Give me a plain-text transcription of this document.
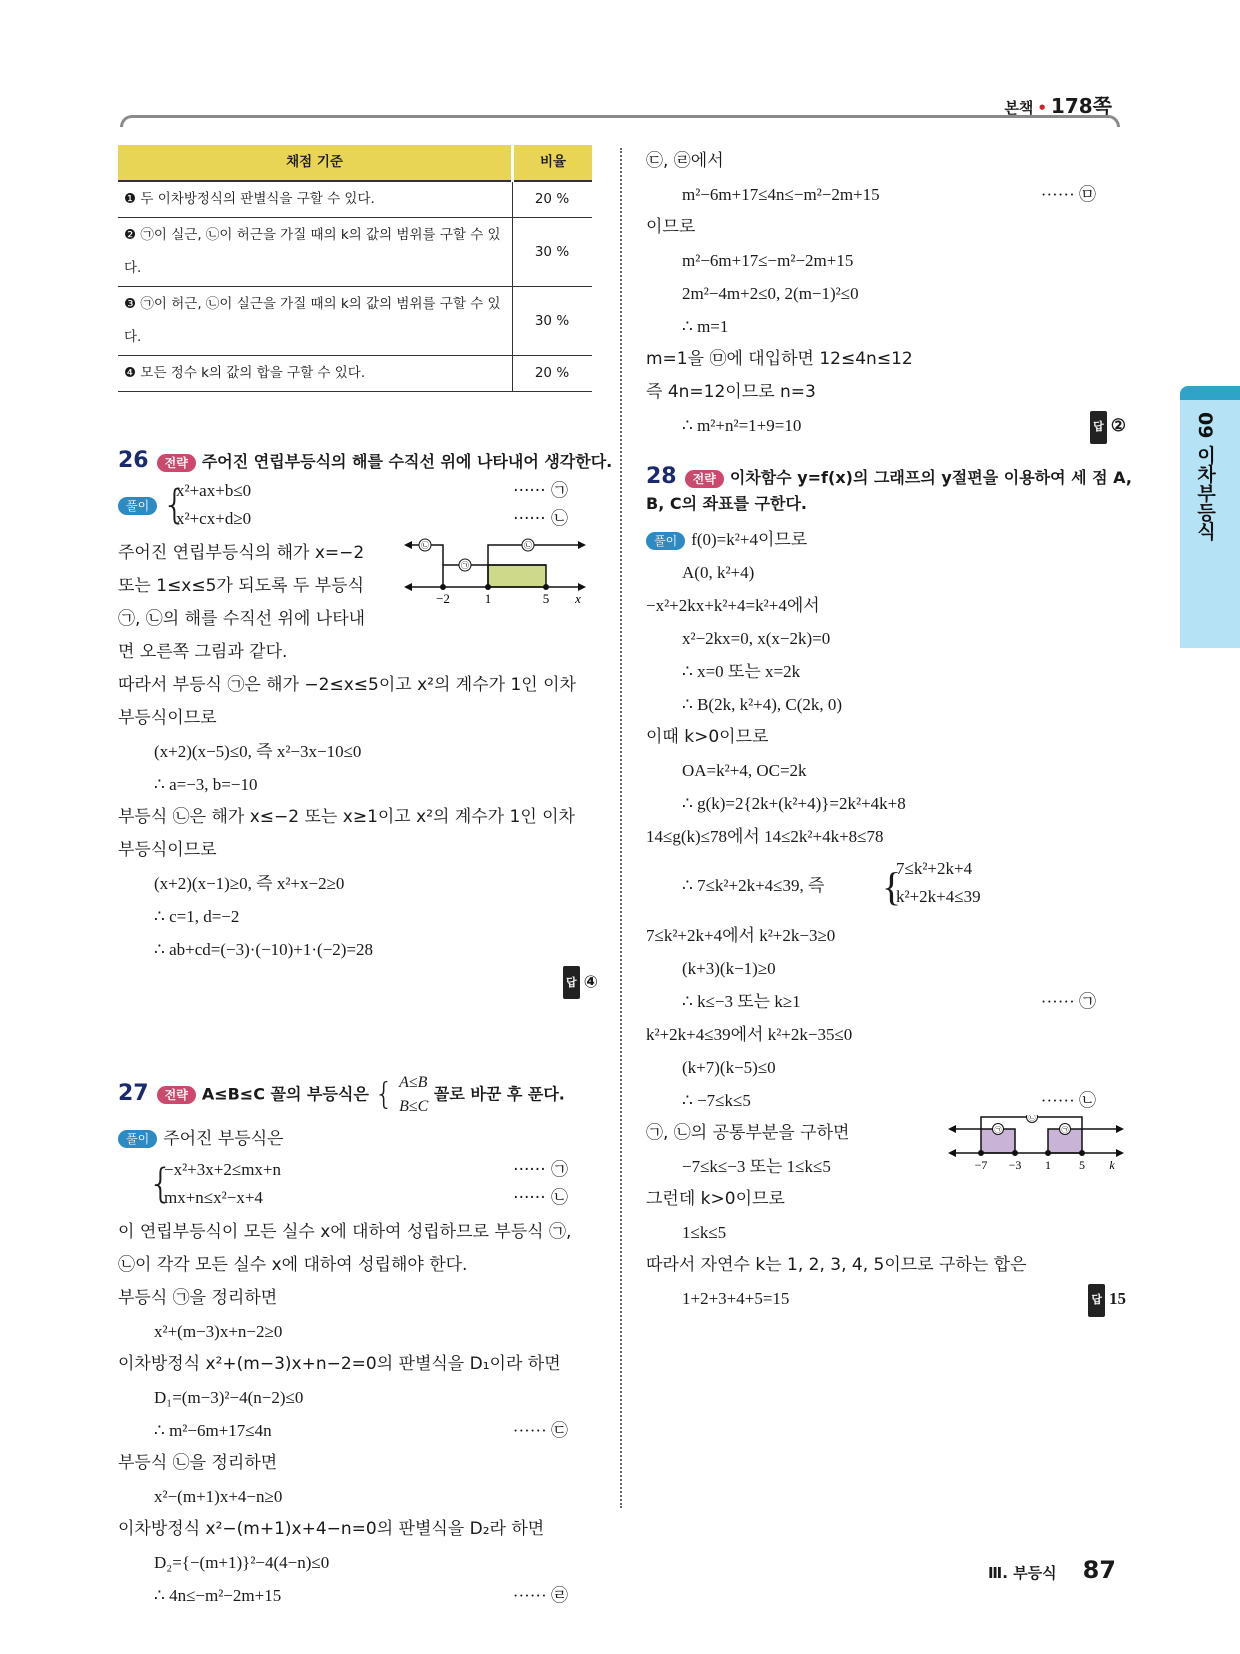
본책 • 178쪽
채점 기준	비율
❶ 두 이차방정식의 판별식을 구할 수 있다.	20 %
❷ ㉠이 실근, ㉡이 허근을 가질 때의 k의 값의 범위를 구할 수 있다.	30 %
❸ ㉠이 허근, ㉡이 실근을 가질 때의 k의 값의 범위를 구할 수 있다.	30 %
❹ 모든 정수 k의 값의 합을 구할 수 있다.	20 %
26 전략 주어진 연립부등식의 해를 수직선 위에 나타내어 생각한다.
풀이 {
x²+ax+b≤0
x²+cx+d≥0
······ ㉠
······ ㉡
주어진 연립부등식의 해가 x=−2
또는 1≤x≤5가 되도록 두 부등식
㉠, ㉡의 해를 수직선 위에 나타내
면 오른쪽 그림과 같다.
㉡	㉡
㉠
−2	1	5 x
따라서 부등식 ㉠은 해가 −2≤x≤5이고 x²의 계수가 1인 이차
부등식이므로
(x+2)(x−5)≤0, 즉 x²−3x−10≤0
∴ a=−3, b=−10
부등식 ㉡은 해가 x≤−2 또는 x≥1이고 x²의 계수가 1인 이차
부등식이므로
(x+2)(x−1)≥0, 즉 x²+x−2≥0
∴ c=1, d=−2
∴ ab+cd=(−3)·(−10)+1·(−2)=28
답 ④
27 전략 A≤B≤C 꼴의 부등식은 { A≤B
B≤C
꼴로 바꾼 후 푼다.
풀이 주어진 부등식은
{
−x²+3x+2≤mx+n
mx+n≤x²−x+4
······ ㉠
······ ㉡
이 연립부등식이 모든 실수 x에 대하여 성립하므로 부등식 ㉠,
㉡이 각각 모든 실수 x에 대하여 성립해야 한다.
부등식 ㉠을 정리하면
x²+(m−3)x+n−2≥0
이차방정식 x²+(m−3)x+n−2=0의 판별식을 D₁이라 하면
D₁=(m−3)²−4(n−2)≤0
∴ m²−6m+17≤4n	······ ㉢
부등식 ㉡을 정리하면
x²−(m+1)x+4−n≥0
이차방정식 x²−(m+1)x+4−n=0의 판별식을 D₂라 하면
D₂={−(m+1)}²−4(4−n)≤0
∴ 4n≤−m²−2m+15	······ ㉣
㉢, ㉣에서
m²−6m+17≤4n≤−m²−2m+15	······ ㉤
이므로
m²−6m+17≤−m²−2m+15
2m²−4m+2≤0, 2(m−1)²≤0
∴ m=1
m=1을 ㉤에 대입하면 12≤4n≤12
즉 4n=12이므로 n=3
∴ m²+n²=1+9=10	답 ②
28 전략 이차함수 y=f(x)의 그래프의 y절편을 이용하여 세 점 A,
B, C의 좌표를 구한다.
풀이 f(0)=k²+4이므로
A(0, k²+4)
−x²+2kx+k²+4=k²+4에서
x²−2kx=0, x(x−2k)=0
∴ x=0 또는 x=2k
∴ B(2k, k²+4), C(2k, 0)
이때 k>0이므로
OA=k²+4, OC=2k
∴ g(k)=2{2k+(k²+4)}=2k²+4k+8
14≤g(k)≤78에서 14≤2k²+4k+8≤78
∴ 7≤k²+2k+4≤39, 즉 {
7≤k²+2k+4
k²+2k+4≤39
7≤k²+2k+4에서 k²+2k−3≥0
(k+3)(k−1)≥0
∴ k≤−3 또는 k≥1	······ ㉠
k²+2k+4≤39에서 k²+2k−35≤0
(k+7)(k−5)≤0
∴ −7≤k≤5	······ ㉡
㉠, ㉡의 공통부분을 구하면
−7≤k≤−3 또는 1≤k≤5
㉡
㉠	㉠
−7 −3 1 5 k
그런데 k>0이므로
1≤k≤5
따라서 자연수 k는 1, 2, 3, 4, 5이므로 구하는 합은
1+2+3+4+5=15	답 15
09 이차부등식
Ⅲ. 부등식 87
